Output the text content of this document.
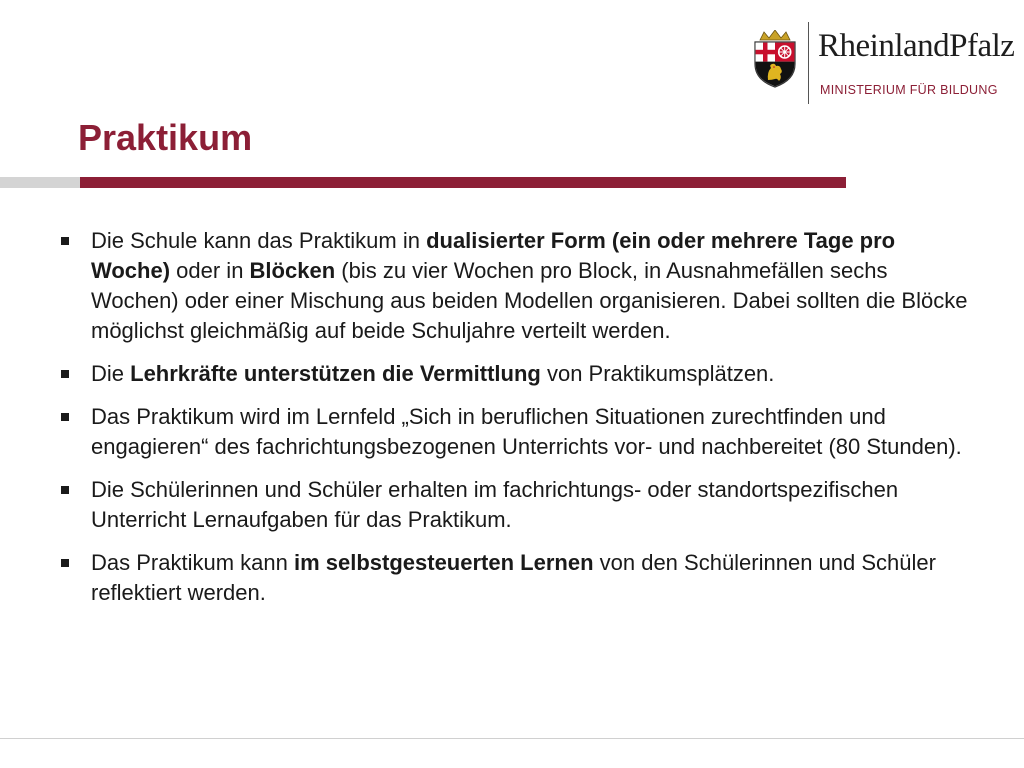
RheinlandPfalz
MINISTERIUM FÜR BILDUNG
Praktikum
Die Schule kann das Praktikum in dualisierter Form (ein oder mehrere Tage pro Woche) oder in Blöcken (bis zu vier Wochen pro Block, in Ausnahmefällen sechs Wochen) oder einer Mischung aus beiden Modellen organisieren. Dabei sollten die Blöcke möglichst gleichmäßig auf beide Schuljahre verteilt werden.
Die Lehrkräfte unterstützen die Vermittlung von Praktikumsplätzen.
Das Praktikum wird im Lernfeld „Sich in beruflichen Situationen zurechtfinden und engagieren“ des fachrichtungsbezogenen Unterrichts vor- und nachbereitet (80 Stunden).
Die Schülerinnen und Schüler erhalten im fachrichtungs- oder standortspezifischen Unterricht Lernaufgaben für das Praktikum.
Das Praktikum kann im selbstgesteuerten Lernen von den Schülerinnen und Schüler reflektiert werden.
